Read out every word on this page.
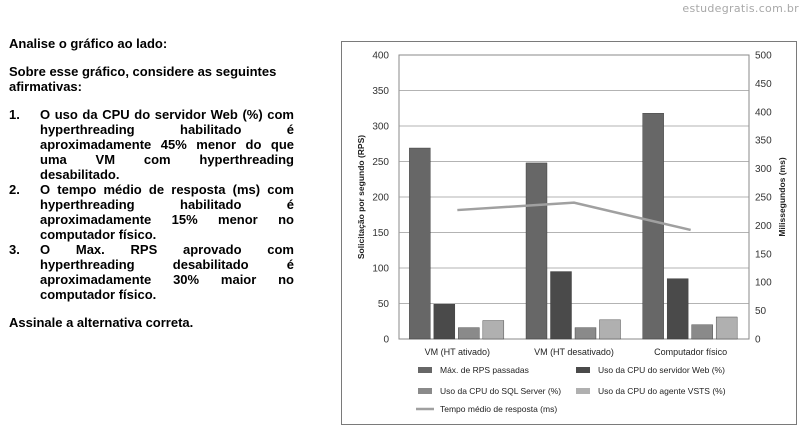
estudegratis.com.br

Analise o gráfico ao lado:

Sobre esse gráfico, considere as seguintes afirmativas:

1.	O uso da CPU do servidor Web (%) com hyperthreading habilitado é aproximadamente 45% menor do que uma VM com hyperthreading desabilitado.
2.	O tempo médio de resposta (ms) com hyperthreading habilitado é aproximadamente 15% menor no computador físico.
3.	O Max. RPS aprovado com hyperthreading desabilitado é aproximadamente 30% maior no computador físico.

Assinale a alternativa correta.

0
50
100
150
200
250
300
350
400
0
50
100
150
200
250
300
350
400
450
500
Solicitação por segundo (RPS)	Milissegundos (ms)
VM (HT ativado)	VM (HT desativado)	Computador físico
Máx. de RPS passadas	Uso da CPU do servidor Web (%)
Uso da CPU do SQL Server (%)	Uso da CPU do agente VSTS (%)
Tempo médio de resposta (ms)
